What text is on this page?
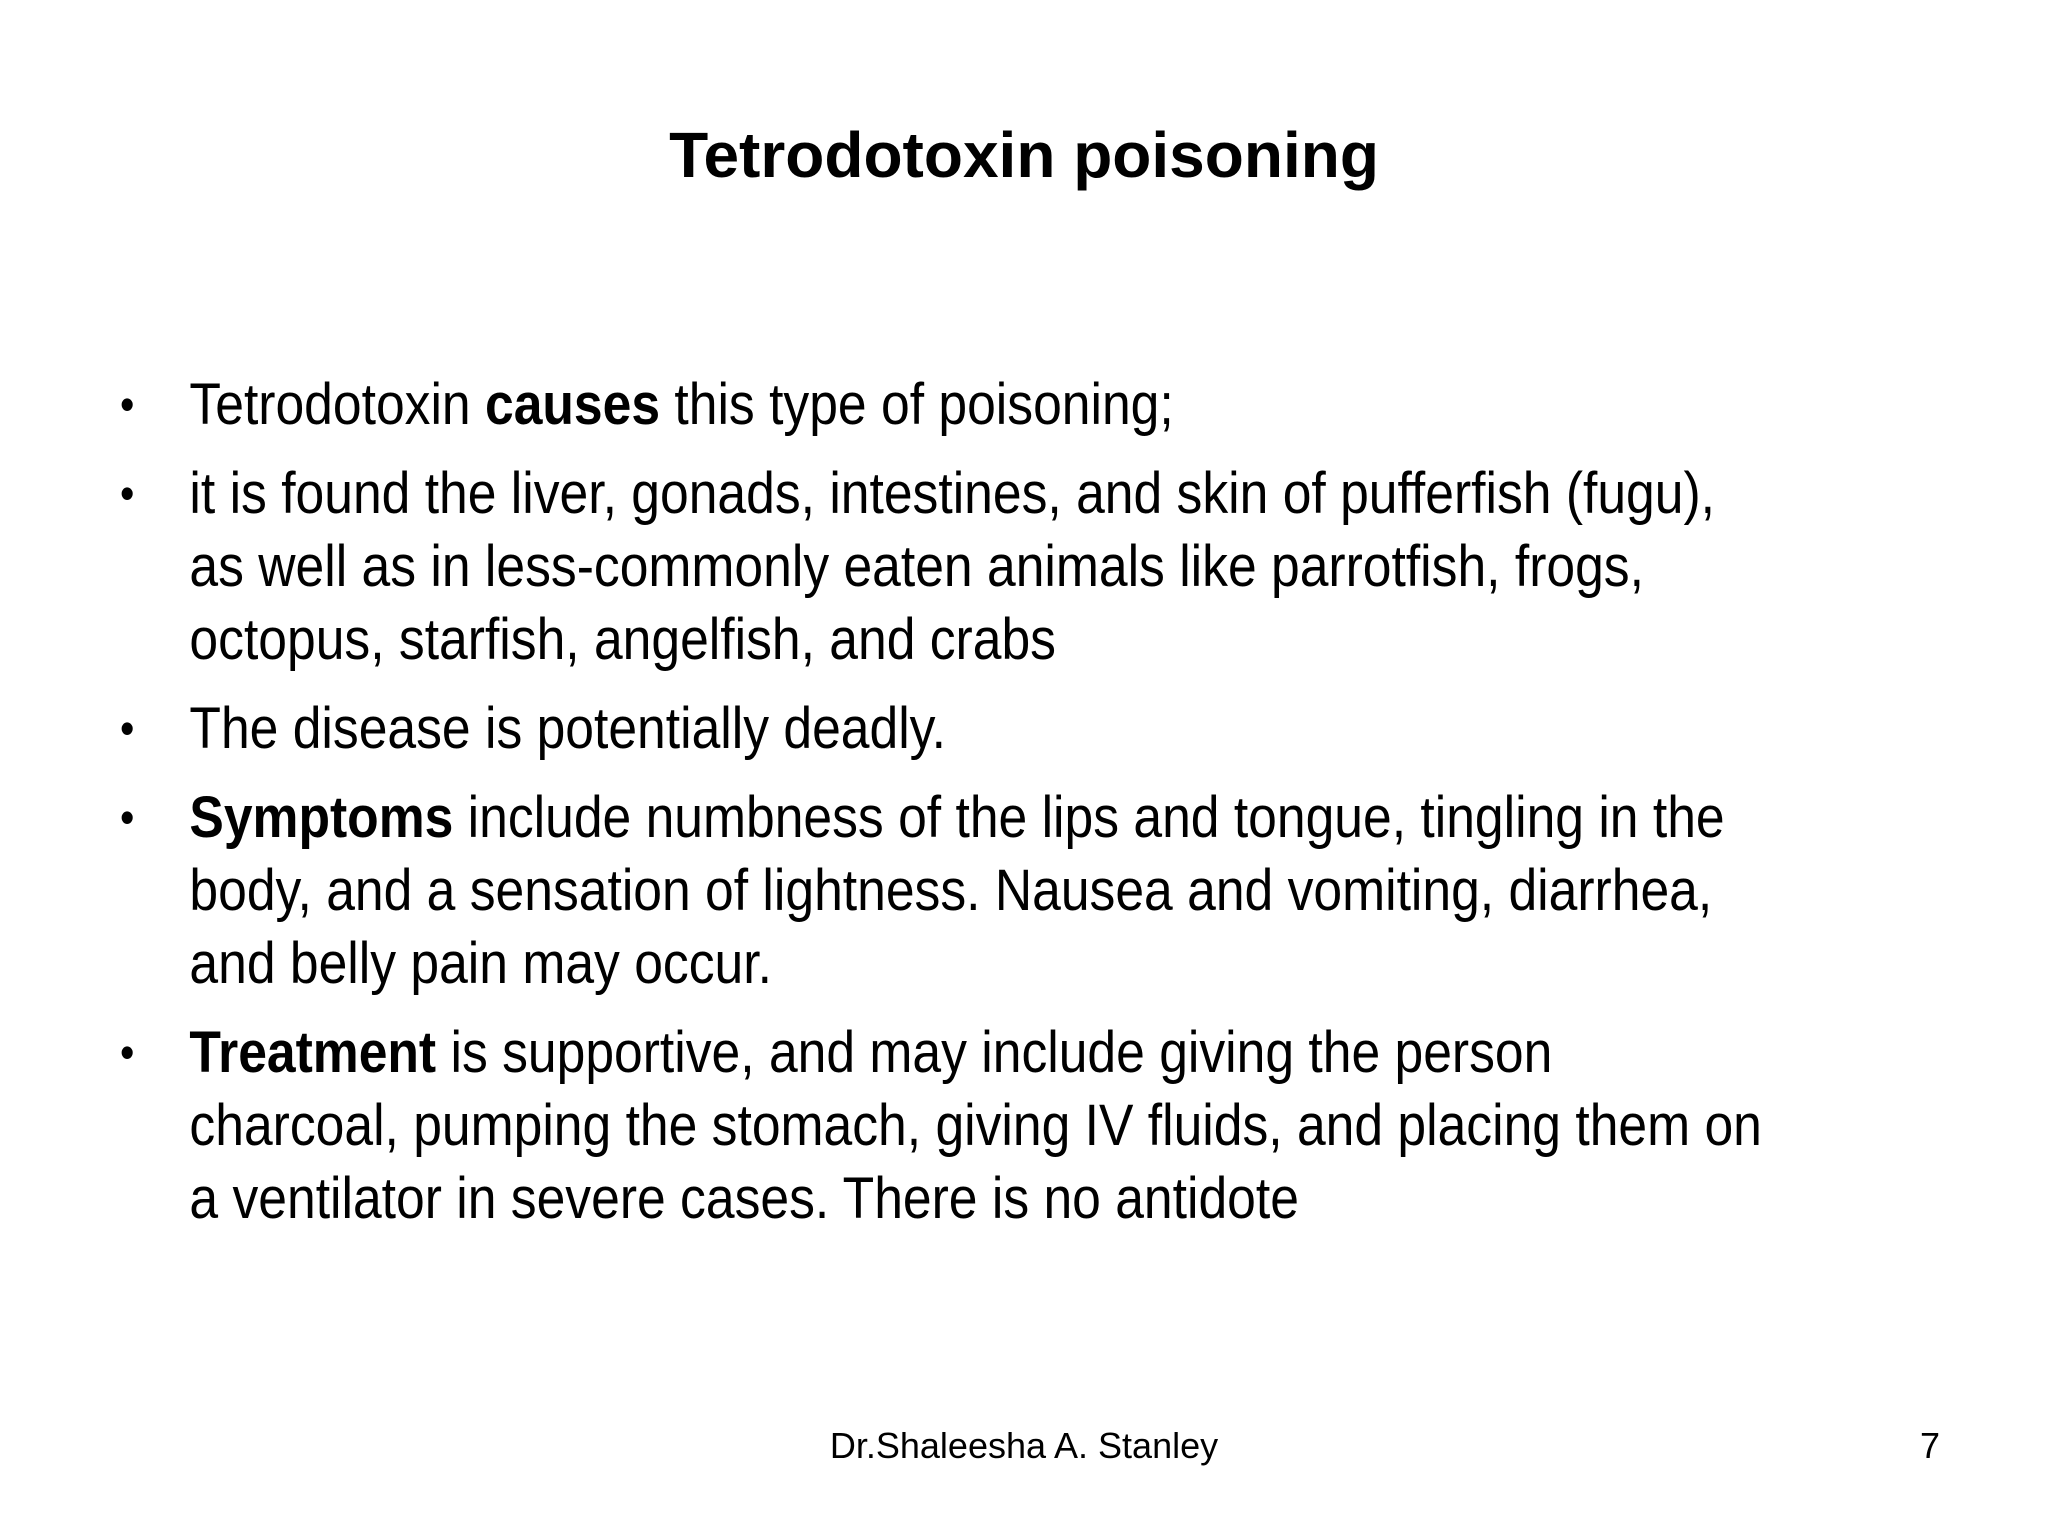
Tetrodotoxin poisoning
• Tetrodotoxin causes this type of poisoning;
• it is found the liver, gonads, intestines, and skin of pufferfish (fugu), as well as in less-commonly eaten animals like parrotfish, frogs, octopus, starfish, angelfish, and crabs
• The disease is potentially deadly.
• Symptoms include numbness of the lips and tongue, tingling in the body, and a sensation of lightness. Nausea and vomiting, diarrhea, and belly pain may occur.
• Treatment is supportive, and may include giving the person charcoal, pumping the stomach, giving IV fluids, and placing them on a ventilator in severe cases. There is no antidote
Dr.Shaleesha A. Stanley	7
